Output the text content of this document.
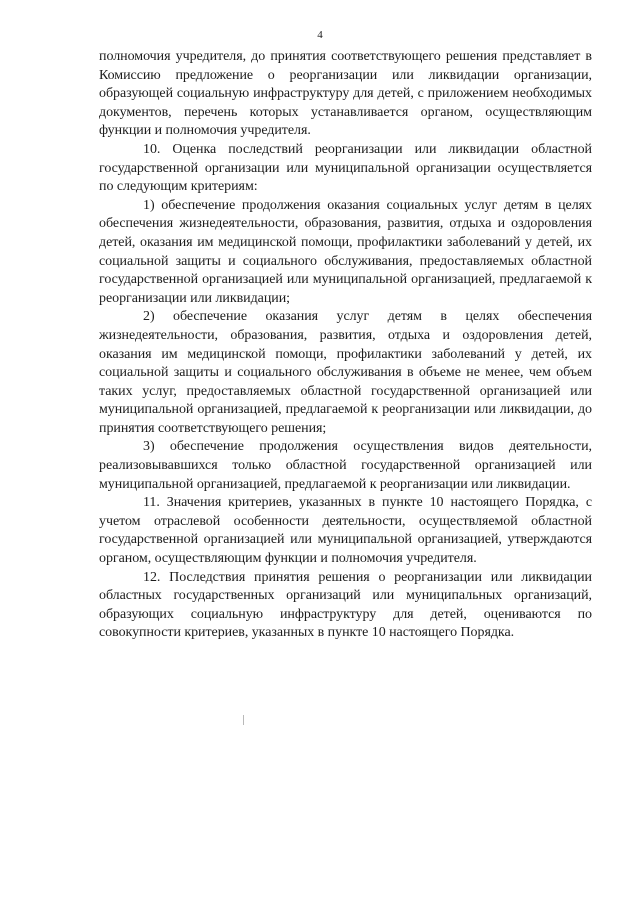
4

полномочия учредителя, до принятия соответствующего решения представляет в Комиссию предложение о реорганизации или ликвидации организации, образующей социальную инфраструктуру для детей, с приложением необходимых документов, перечень которых устанавливается органом, осуществляющим функции и полномочия учредителя.

10. Оценка последствий реорганизации или ликвидации областной государственной организации или муниципальной организации осуществляется по следующим критериям:

1) обеспечение продолжения оказания социальных услуг детям в целях обеспечения жизнедеятельности, образования, развития, отдыха и оздоровления детей, оказания им медицинской помощи, профилактики заболеваний у детей, их социальной защиты и социального обслуживания, предоставляемых областной государственной организацией или муниципальной организацией, предлагаемой к реорганизации или ликвидации;

2) обеспечение оказания услуг детям в целях обеспечения жизнедеятельности, образования, развития, отдыха и оздоровления детей, оказания им медицинской помощи, профилактики заболеваний у детей, их социальной защиты и социального обслуживания в объеме не менее, чем объем таких услуг, предоставляемых областной государственной организацией или муниципальной организацией, предлагаемой к реорганизации или ликвидации, до принятия соответствующего решения;

3) обеспечение продолжения осуществления видов деятельности, реализовывавшихся только областной государственной организацией или муниципальной организацией, предлагаемой к реорганизации или ликвидации.

11. Значения критериев, указанных в пункте 10 настоящего Порядка, с учетом отраслевой особенности деятельности, осуществляемой областной государственной организацией или муниципальной организацией, утверждаются органом, осуществляющим функции и полномочия учредителя.

12. Последствия принятия решения о реорганизации или ликвидации областных государственных организаций или муниципальных организаций, образующих социальную инфраструктуру для детей, оцениваются по совокупности критериев, указанных в пункте 10 настоящего Порядка.
